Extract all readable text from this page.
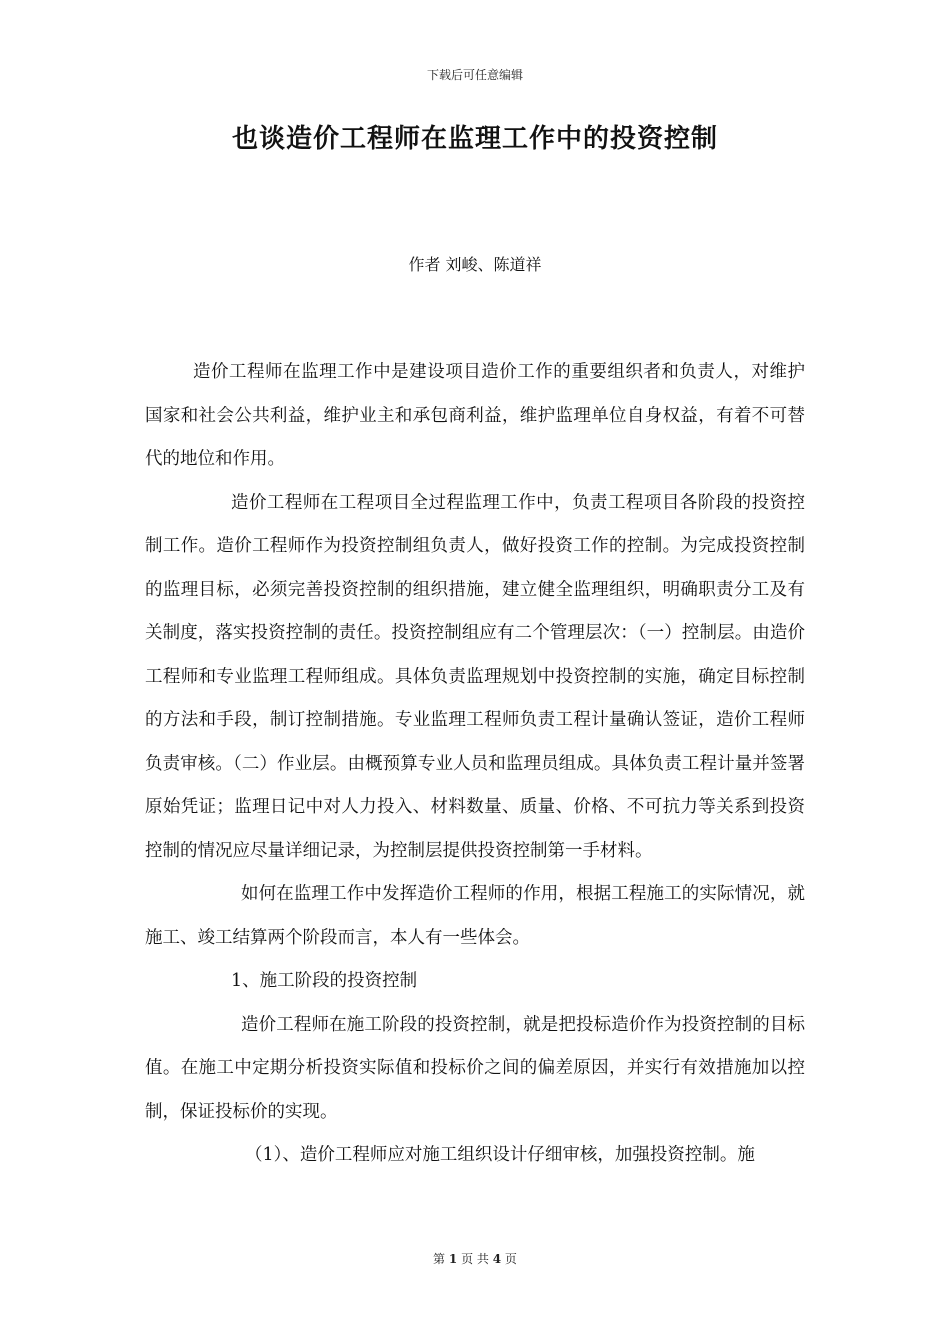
下载后可任意编辑
也谈造价工程师在监理工作中的投资控制
作者 刘峻、陈道祥

造价工程师在监理工作中是建设项目造价工作的重要组织者和负责人，对维护国家和社会公共利益，维护业主和承包商利益，维护监理单位自身权益，有着不可替代的地位和作用。

造价工程师在工程项目全过程监理工作中，负责工程项目各阶段的投资控制工作。造价工程师作为投资控制组负责人，做好投资工作的控制。为完成投资控制的监理目标，必须完善投资控制的组织措施，建立健全监理组织，明确职责分工及有关制度，落实投资控制的责任。投资控制组应有二个管理层次：（一）控制层。由造价工程师和专业监理工程师组成。具体负责监理规划中投资控制的实施，确定目标控制的方法和手段，制订控制措施。专业监理工程师负责工程计量确认签证，造价工程师负责审核。（二）作业层。由概预算专业人员和监理员组成。具体负责工程计量并签署原始凭证；监理日记中对人力投入、材料数量、质量、价格、不可抗力等关系到投资控制的情况应尽量详细记录，为控制层提供投资控制第一手材料。

如何在监理工作中发挥造价工程师的作用，根据工程施工的实际情况，就施工、竣工结算两个阶段而言，本人有一些体会。

1、施工阶段的投资控制

造价工程师在施工阶段的投资控制，就是把投标造价作为投资控制的目标值。在施工中定期分析投资实际值和投标价之间的偏差原因，并实行有效措施加以控制，保证投标价的实现。

（1）、造价工程师应对施工组织设计仔细审核，加强投资控制。施

第 1 页 共 4 页
